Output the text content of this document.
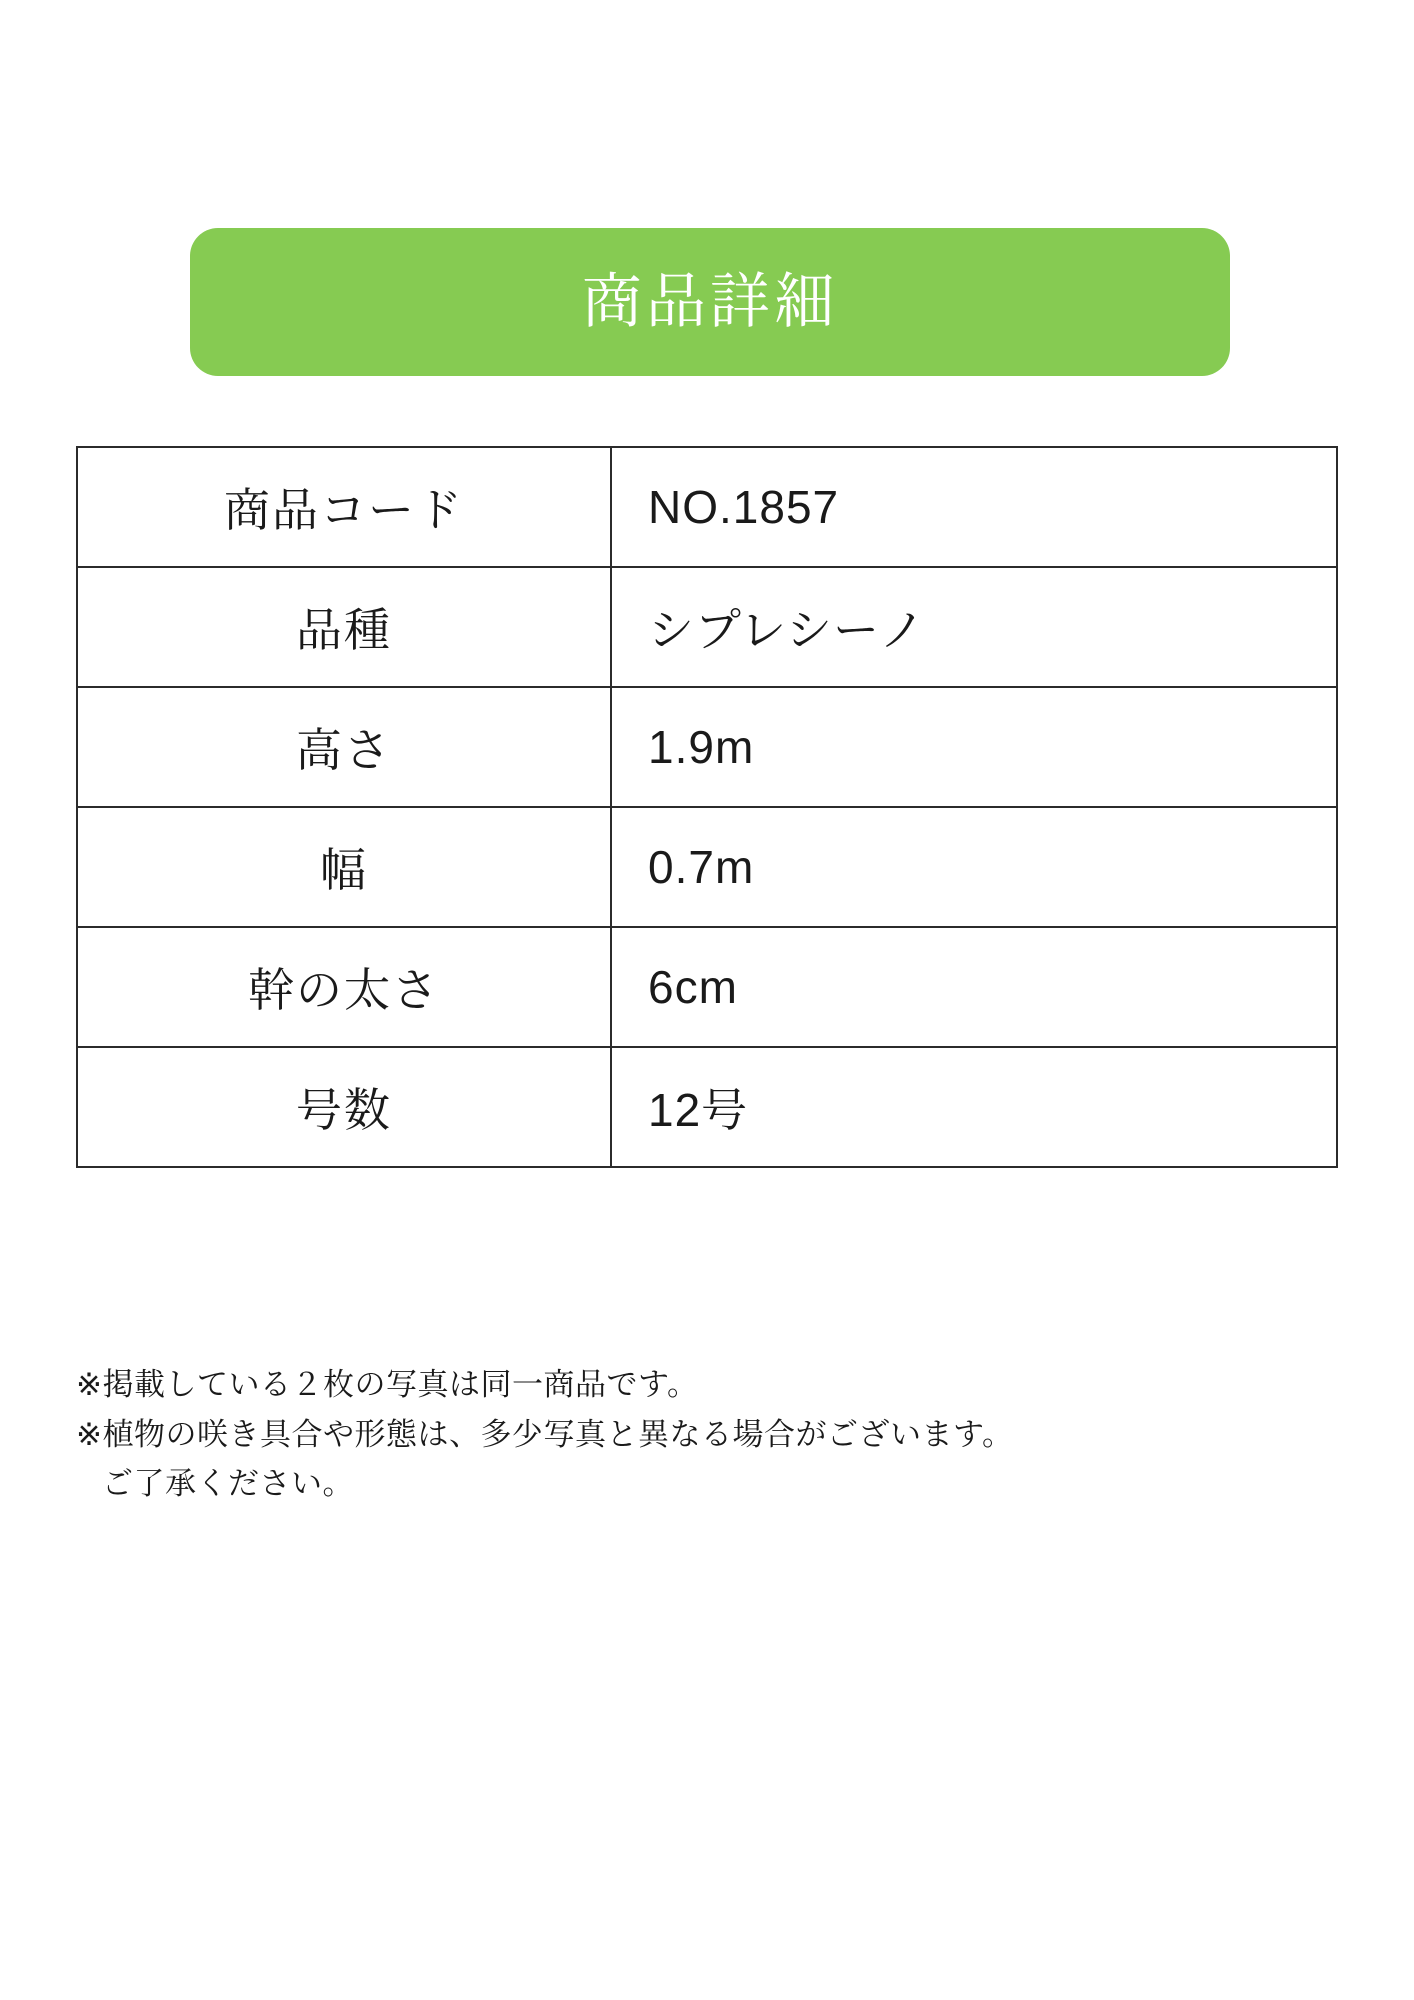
商品詳細
商品コード	NO.1857
品種	シプレシーノ
高さ	1.9m
幅	0.7m
幹の太さ	6cm
号数	12号
※掲載している２枚の写真は同一商品です。
※植物の咲き具合や形態は、多少写真と異なる場合がございます。
ご了承ください。
